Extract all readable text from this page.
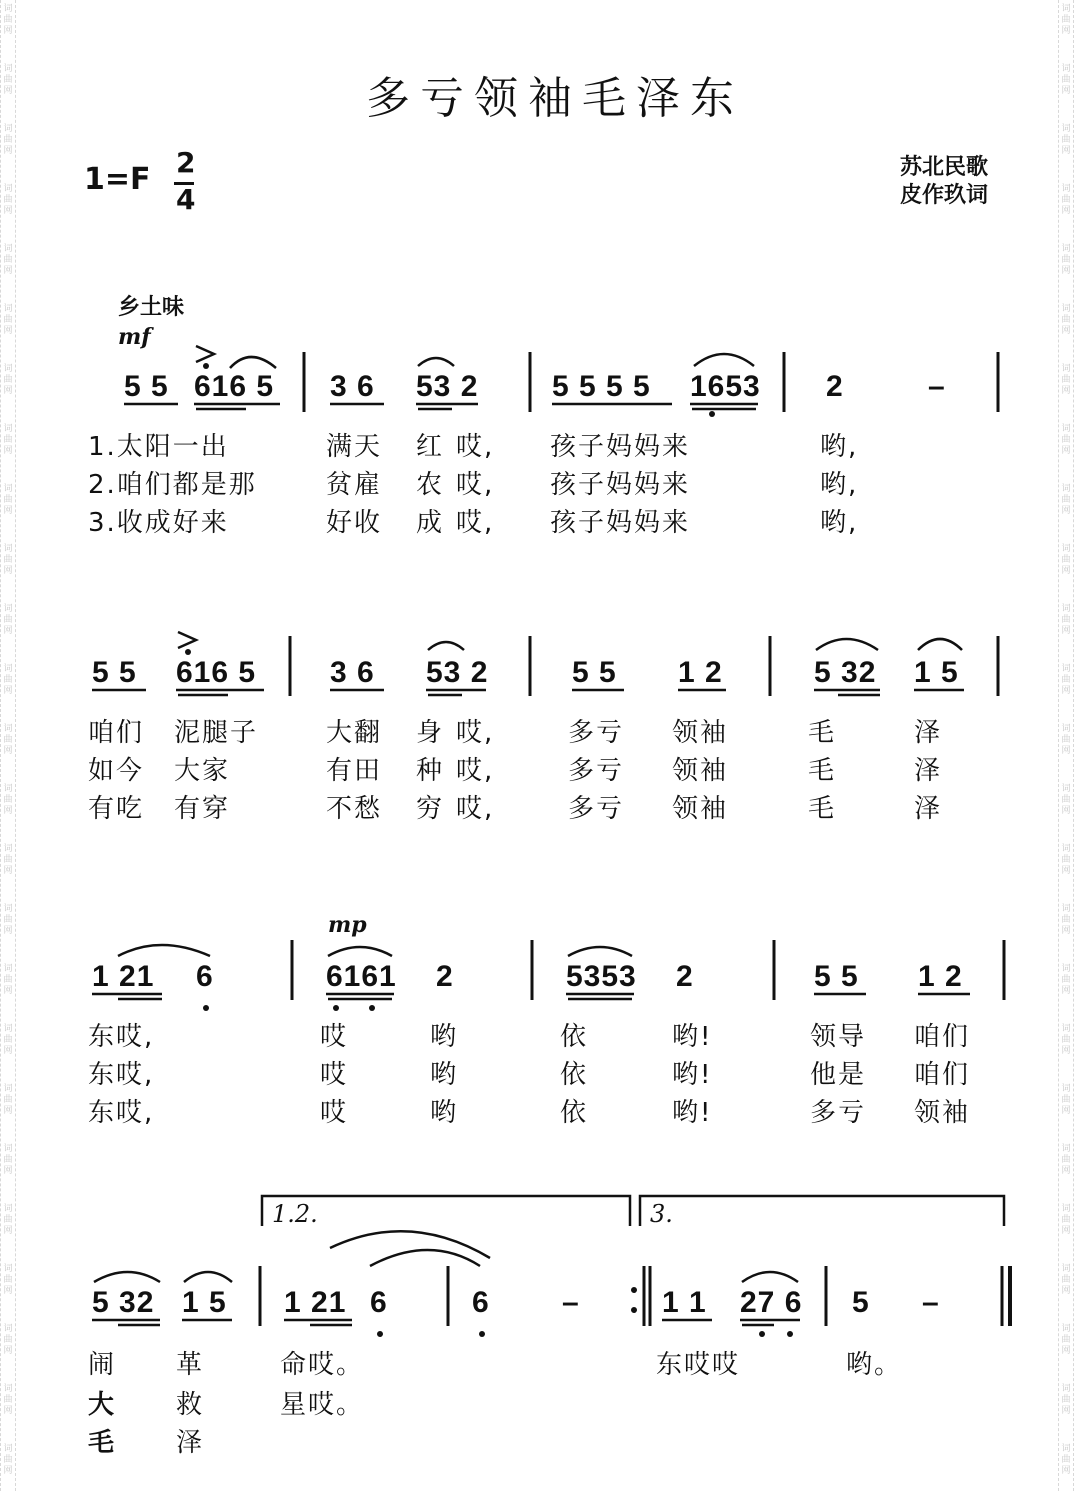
词
曲
网
词
曲
网
词
曲
网
词
曲
网
词
曲
网
词
曲
网
词
曲
网
词
曲
网
词
曲
网
词
曲
网
词
曲
网
词
曲
网
词
曲
网
词
曲
网
词
曲
网
词
曲
网
词
曲
网
词
曲
网
词
曲
网
词
曲
网
词
曲
网
词
曲
网
词
曲
网
词
曲
网
词
曲
网
词
曲
网
词
曲
网
词
曲
网
词
曲
网
词
曲
网
词
曲
网
词
曲
网
词
曲
网
词
曲
网
词
曲
网
词
曲
网
词
曲
网
词
曲
网
词
曲
网
词
曲
网
词
曲
网
词
曲
网
词
曲
网
词
曲
网
词
曲
网
词
曲
网
词
曲
网
词
曲
网
词
曲
网
词
曲
网
多亏领袖毛泽东
1=F 2
4
苏北民歌
皮作玖词
乡土味
mf
mp
5 5 616 5 3 6 53 2 5 5 5 5 1653 2	–
1.太阳一出	满天 红 哎, 孩子妈妈来	哟,
2.咱们都是那	贫雇 农 哎, 孩子妈妈来	哟,
3.收成好来	好收 成 哎, 孩子妈妈来	哟,
5 5 616 5 3 6 53 2	5 5 1 2	5 32 1 5
咱们 泥腿子	大翻 身 哎,	多亏 领袖	毛	泽
如今 大家	有田 种 哎,	多亏 领袖	毛	泽
有吃 有穿	不愁 穷 哎,	多亏 领袖	毛	泽
1 21 6	6161 2	5353 2	5 5 1 2
东哎,	哎	哟	依	哟!	领导 咱们
东哎,	哎	哟	依	哟!	他是 咱们
东哎,	哎	哟	依	哟!	多亏 领袖
1.2.	3.
5 32 1 5 1 21 6	6 –	1 1 27 6 5 –
闹 革	命哎。	东哎哎	哟。
大 救	星哎。
毛 泽
